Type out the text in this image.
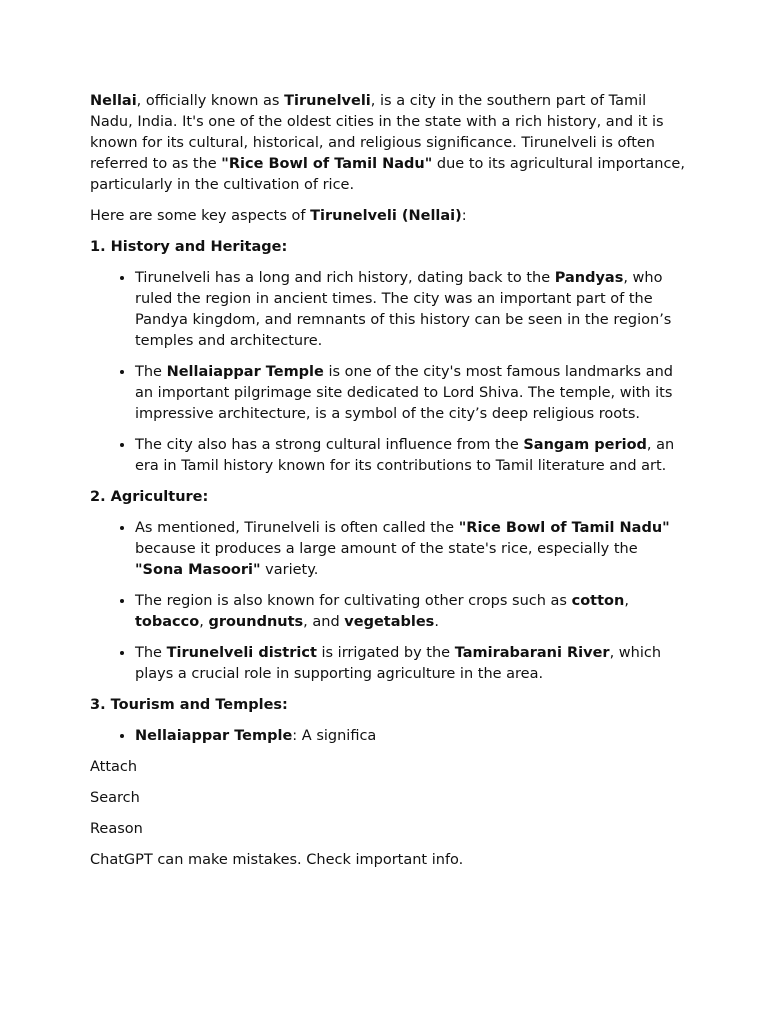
Nellai, officially known as Tirunelveli, is a city in the southern part of Tamil Nadu, India. It's one of the oldest cities in the state with a rich history, and it is known for its cultural, historical, and religious significance. Tirunelveli is often referred to as the "Rice Bowl of Tamil Nadu" due to its agricultural importance, particularly in the cultivation of rice.

Here are some key aspects of Tirunelveli (Nellai):

1. History and Heritage:
• Tirunelveli has a long and rich history, dating back to the Pandyas, who ruled the region in ancient times. The city was an important part of the Pandya kingdom, and remnants of this history can be seen in the region’s temples and architecture.
• The Nellaiappar Temple is one of the city's most famous landmarks and an important pilgrimage site dedicated to Lord Shiva. The temple, with its impressive architecture, is a symbol of the city’s deep religious roots.
• The city also has a strong cultural influence from the Sangam period, an era in Tamil history known for its contributions to Tamil literature and art.
2. Agriculture:
• As mentioned, Tirunelveli is often called the "Rice Bowl of Tamil Nadu" because it produces a large amount of the state's rice, especially the "Sona Masoori" variety.
• The region is also known for cultivating other crops such as cotton, tobacco, groundnuts, and vegetables.
• The Tirunelveli district is irrigated by the Tamirabarani River, which plays a crucial role in supporting agriculture in the area.
3. Tourism and Temples:
• Nellaiappar Temple: A significa

Attach

Search

Reason

ChatGPT can make mistakes. Check important info.
